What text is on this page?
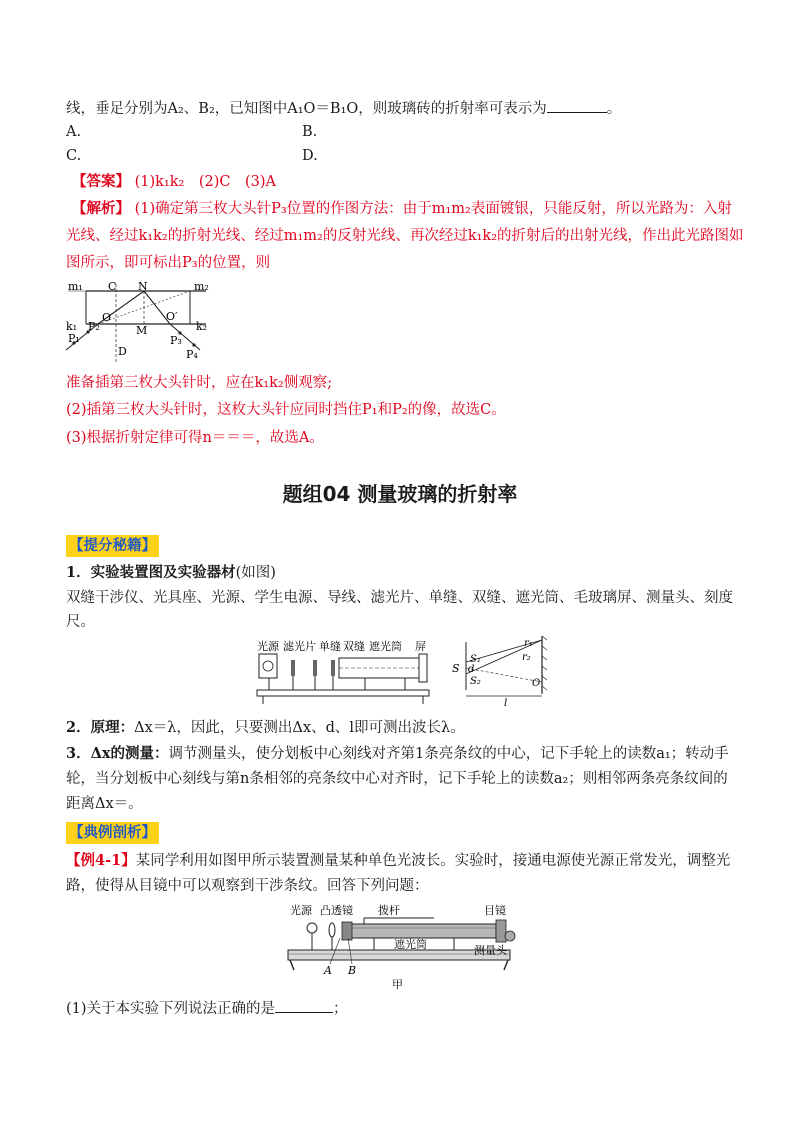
线，垂足分别为A₂、B₂，已知图中A₁O＝B₁O，则玻璃砖的折射率可表示为	。
A.	B.
C.	D.
【答案】 (1)k₁k₂　(2)C　(3)A
【解析】 (1)确定第三枚大头针P₃位置的作图方法：由于m₁m₂表面镀银，只能反射，所以光路为：入射
光线、经过k₁k₂的折射光线、经过m₁m₂的反射光线、再次经过k₁k₂的折射后的出射光线，作出此光路图如
图所示，即可标出P₃的位置，则
m₁ C N	m₂
O	O′
k₁ P₂	M	k₂
P₁	P₃
D	P₄
准备插第三枚大头针时，应在k₁k₂侧观察;
(2)插第三枚大头针时，这枚大头针应同时挡住P₁和P₂的像，故选C。
(3)根据折射定律可得n＝＝＝，故选A。
题组04 测量玻璃的折射率
【提分秘籍】
1．实验装置图及实验器材(如图)
双缝干涉仪、光具座、光源、学生电源、导线、滤光片、单缝、双缝、遮光筒、毛玻璃屏、测量头、刻度
尺。
光源 滤光片 单缝 双缝 遮光筒 屏	r₁
S
S₁
d
S₂
r₂
O
l
2．原理：Δx＝λ，因此，只要测出Δx、d、l即可测出波长λ。
3．Δx的测量：调节测量头，使分划板中心刻线对齐第1条亮条纹的中心，记下手轮上的读数a₁；转动手
轮，当分划板中心刻线与第n条相邻的亮条纹中心对齐时，记下手轮上的读数a₂；则相邻两条亮条纹间的
距离Δx＝。
【典例剖析】
【例4-1】某同学利用如图甲所示装置测量某种单色光波长。实验时，接通电源使光源正常发光，调整光
路，使得从目镜中可以观察到干涉条纹。回答下列问题：
光源 凸透镜 拨杆	目镜
遮光筒	测量头
A B
甲
(1)关于本实验下列说法正确的是	；
